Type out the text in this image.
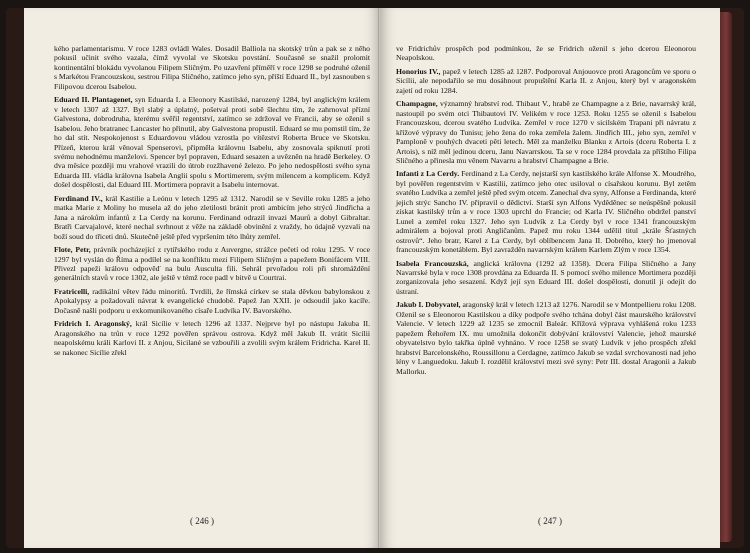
kého parlamentarismu. V roce 1283 ovládl Wales. Dosadil Balliola na skotský trůn a pak se z něho pokusil učinit svého vazala, čímž vyvolal ve Skotsku povstání. Současně se snažil prolomit kontinentální blokádu vyvolanou Filipem Sličným. Po uzavření příměří v roce 1298 se podruhé oženil s Markétou Francouzskou, sestrou Filipa Sličného, zatímco jeho syn, příští Eduard II., byl zasnouben s Filipovou dcerou Isabelou.

Eduard II. Plantagenet, syn Eduarda I. a Eleonory Kastilské, narozený 1284, byl anglickým králem v letech 1307 až 1327. Byl slabý a úplatný, pošetval proti sobě šlechtu tím, že zahrnoval přízní Galvestona, dobrodruha, kterému svěřil regentství, zatímco se zdržoval ve Francii, aby se oženil s Isabelou. Jeho bratranec Lancaster ho přinutil, aby Galvestona propustil. Eduard se mu pomstil tím, že ho dal stít. Nespokojenost s Eduardovou vládou vzrostla po vítězství Roberta Bruce ve Skotsku. Přízeň, kterou král věnoval Spenserovi, připměla královnu Isabelu, aby zosnovala spiknutí proti svému nehodnému manželovi. Spencer byl popraven, Eduard sesazen a uvězněn na hradě Berkeley. O dva měsíce později mu vrahové vrazili do útrob rozžhavené železo. Po jeho nedospělosti svého syna Eduarda III. vládla královna Isabela Anglii spolu s Mortimerem, svým milencem a komplicem. Když došel dospělosti, dal Eduard III. Mortimera popravit a Isabelu internovat.

Ferdinand IV., král Kastilie a Leónu v letech 1295 až 1312. Narodil se v Seville roku 1285 a jeho matka Marie z Moliny ho musela až do jeho zletilosti bránit proti ambicím jeho strýců Jindřicha a Jana a nárokům infantů z La Cerdy na korunu. Ferdinand odrazil invazi Maurů a dobyl Gibraltar. Bratři Carvajalové, které nechal svrhnout z věže na základě obvinění z vraždy, ho údajně vyzvali na boží soud do třiceti dnů. Skutečně ještě před vypršením této lhůty zemřel.

Flote, Petr, právník pocházející z rytířského rodu z Auvergne, strážce pečetí od roku 1295. V roce 1297 byl vyslán do Říma a podílel se na konfliktu mezi Filipem Sličným a papežem Bonifácem VIII. Přivezl papeži královu odpověď na bulu Ausculta fili. Sehrál prvořadou roli při shromáždění generálních stavů v roce 1302, ale ještě v témž roce padl v bitvě u Courtrai.

Fratricelli, radikální větev řádu minoritů. Tvrdili, že římská církev se stala děvkou babylonskou z Apokalypsy a požadovali návrat k evangelické chudobě. Papež Jan XXII. je odsoudil jako kacíře. Dočasně našli podporu u exkomunikovaného císaře Ludvíka IV. Bavorského.

Fridrich I. Aragonský, král Sicílie v letech 1296 až 1337. Nejprve byl po nástupu Jakuba II. Aragonského na trůn v roce 1292 pověřen správou ostrova. Když měl Jakub II. vrátit Sicílii neapolskému králi Karlovi II. z Anjou, Sicilané se vzbouřili a zvolili svým králem Fridricha. Karel II. se nakonec Sicílie zřekl

( 246 )

ve Fridrichův prospěch pod podmínkou, že se Fridrich oženil s jeho dcerou Eleonorou Neapolskou.

Honorius IV., papež v letech 1285 až 1287. Podporoval Anjouovce proti Aragoncům ve sporu o Sicílii, ale nepodařilo se mu dosáhnout propuštění Karla II. z Anjou, který byl v aragonském zajetí od roku 1284.

Champagne, významný hrabství rod. Thibaut V., hrabě ze Champagne a z Brie, navarrský král, nastoupil po svém otci Thibautovi IV. Velikém v roce 1253. Roku 1255 se oženil s Isabelou Francouzskou, dcerou svatého Ludvíka. Zemřel v roce 1270 v sicilském Trapani při návratu z křížové výpravy do Tunisu; jeho žena do roka zemřela žalem. Jindřich III., jeho syn, zemřel v Pamploně v pouhých dvaceti pěti letech. Měl za manželku Blanku z Artois (dceru Roberta I. z Artois), s níž měl jedinou dceru, Janu Navarrskou. Ta se v roce 1284 provdala za příštího Filipa Sličného a přinesla mu věnem Navarru a hrabství Champagne a Brie.

Infanti z La Cerdy. Ferdinand z La Cerdy, nejstarší syn kastilského krále Alfonse X. Moudrého, byl pověřen regentstvím v Kastilii, zatímco jeho otec usiloval o císařskou korunu. Byl zetěm svatého Ludvíka a zemřel ještě před svým otcem. Zanechal dva syny, Alfonse a Ferdinanda, které jejich strýc Sancho IV. připravil o dědictví. Starší syn Alfons Vyděděnec se neúspěšně pokusil získat kastilský trůn a v roce 1303 uprchl do Francie; od Karla IV. Sličného obdržel panství Lunel a zemřel roku 1327. Jeho syn Ludvík z La Cerdy byl v roce 1341 francouzským admirálem a bojoval proti Angličanům. Papež mu roku 1344 udělil titul „krále Šťastných ostrovů“. Jeho bratr, Karel z La Cerdy, byl oblíbencem Jana II. Dobrého, který ho jmenoval francouzským konetáblem. Byl zavražděn navarrským králem Karlem Zlým v roce 1354.

Isabela Francouzská, anglická královna (1292 až 1358). Dcera Filipa Sličného a Jany Navarrské byla v roce 1308 provdána za Eduarda II. S pomocí svého milence Mortimera později zorganizovala jeho sesazení. Když její syn Eduard III. došel dospělosti, donutil ji odejít do ústraní.

Jakub I. Dobyvatel, aragonský král v letech 1213 až 1276. Narodil se v Montpellieru roku 1208. Oženil se s Eleonorou Kastilskou a díky podpoře svého tchána dobyl část maurského království Valencie. V letech 1229 až 1235 se zmocnil Baleár. Křížová výprava vyhlášená roku 1233 papežem Řehořem IX. mu umožnila dokončit dobývání království Valencie, jehož maurské obyvatelstvo bylo takřka úplně vyhnáno. V roce 1258 se svatý Ludvík v jeho prospěch zřekl hrabství Barcelonského, Roussillonu a Cerdagne, zatímco Jakub se vzdal svrchovanosti nad jeho lény v Languedoku. Jakub I. rozdělil království mezi své syny: Petr III. dostal Aragonii a Jakub Mallorku.

( 247 )
